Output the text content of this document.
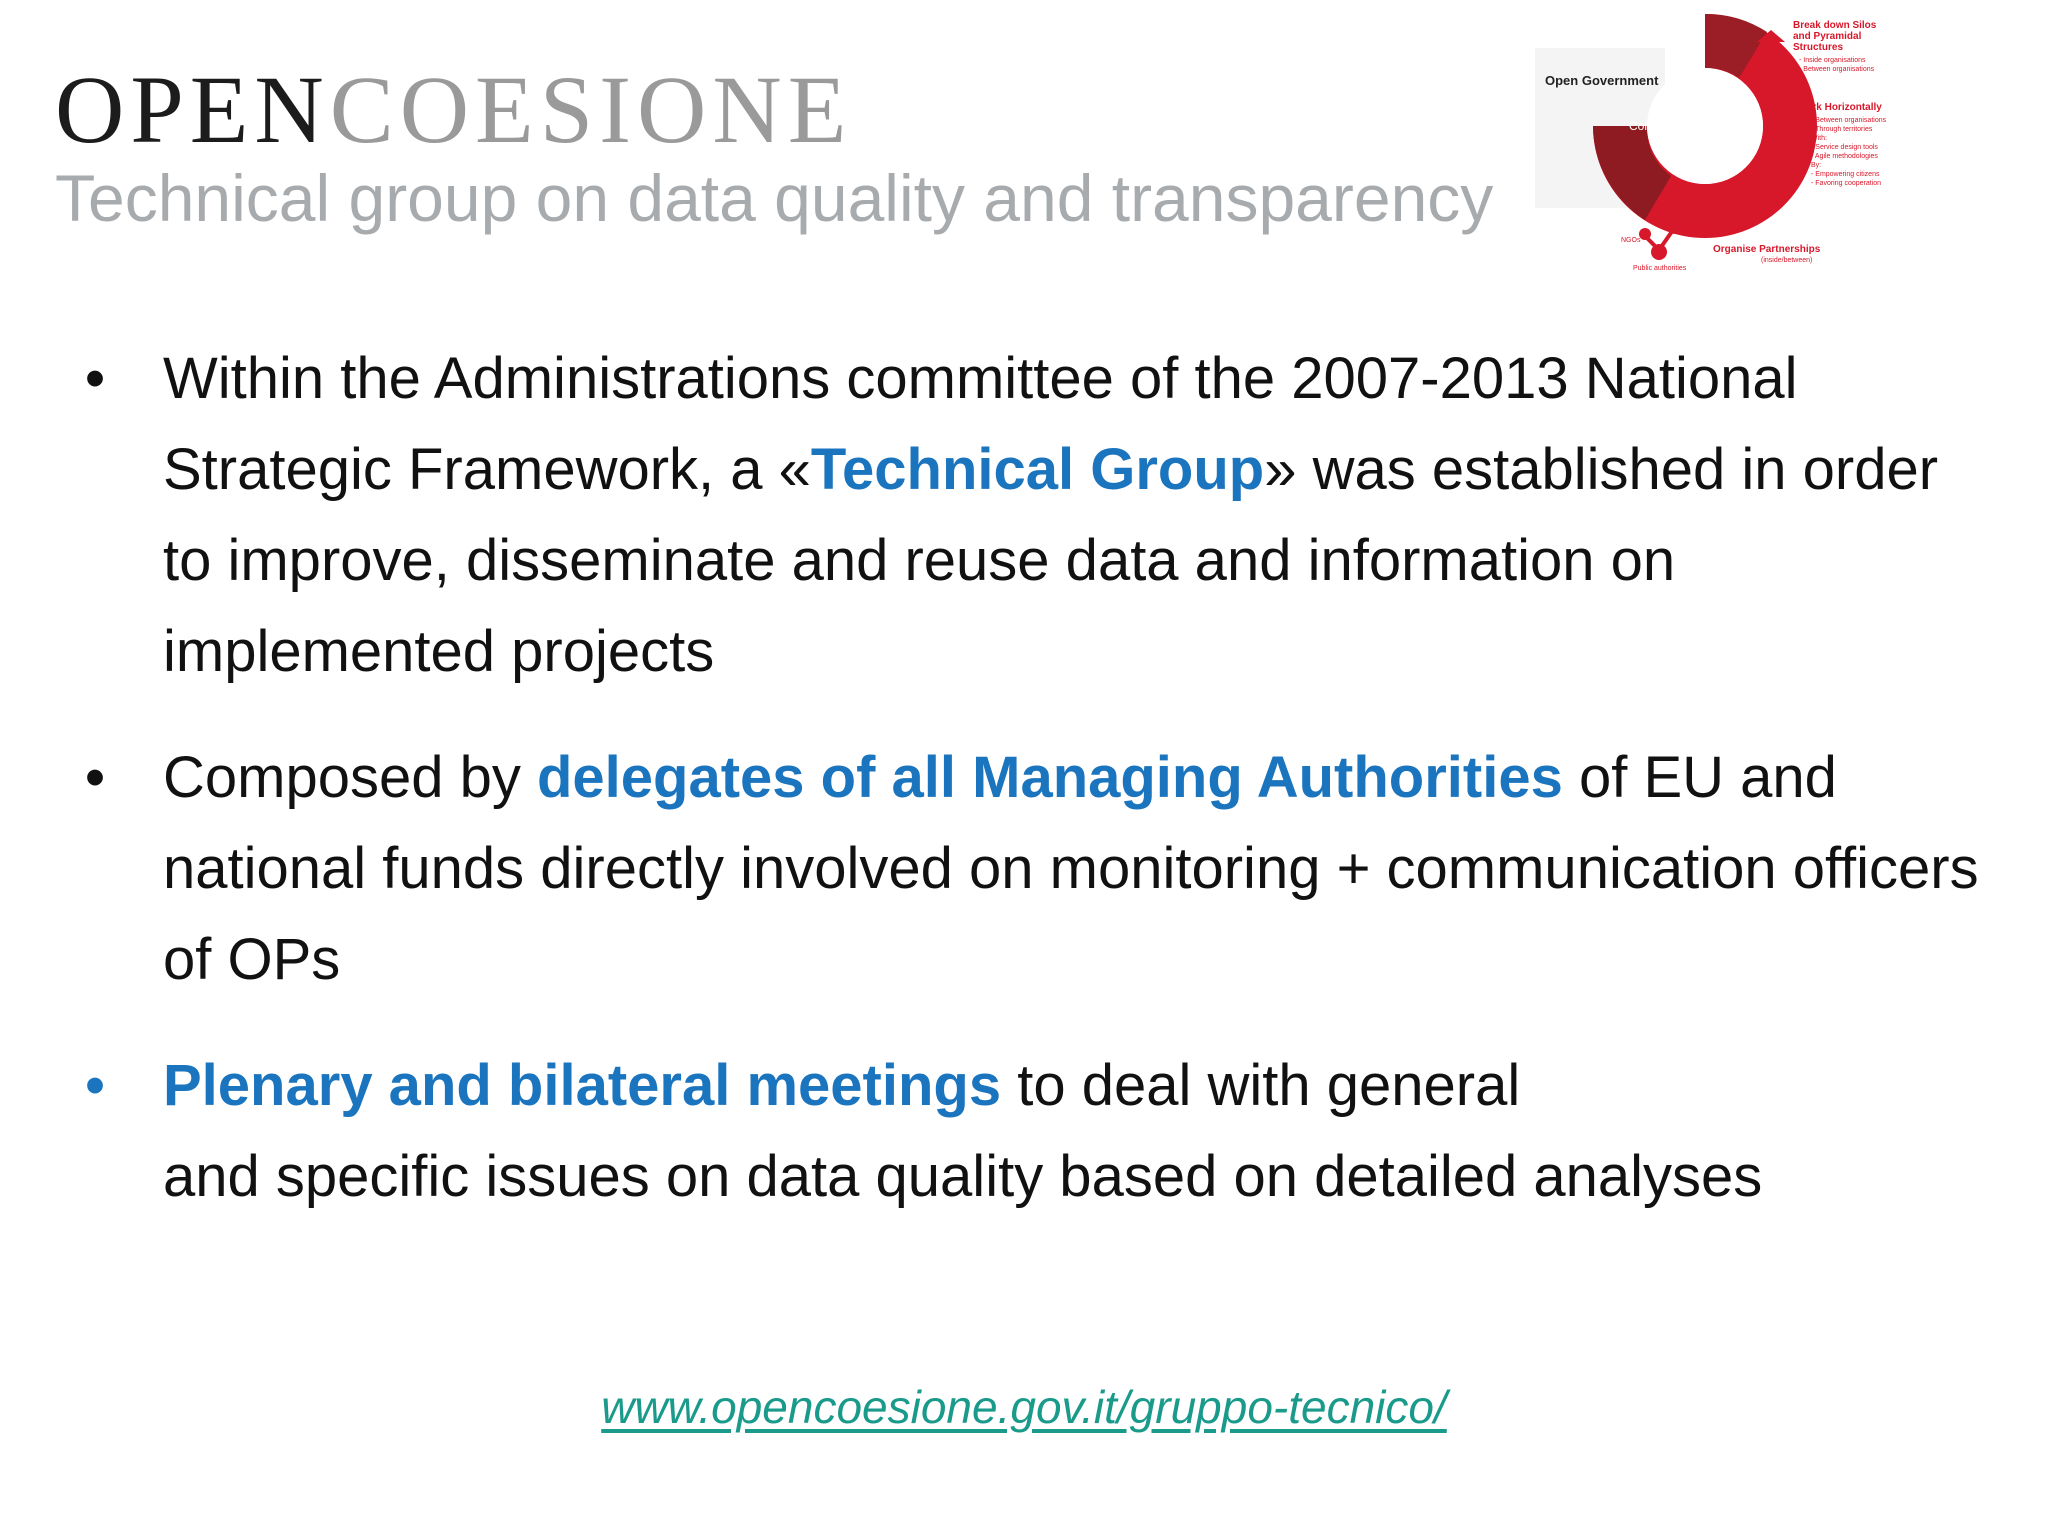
OPENCOESIONE
Technical group on data quality and transparency
Open Government
Collaboration
Break down Silos and Pyramidal Structures
- Inside organisations - Between organisations
Work Horizontally
- Between organisations - Through territories With: - Service design tools - Agile methodologies By: - Empowering citizens - Favoring cooperation
NGOs
Companies
Public authorities
Organise Partnerships
(inside/between)
• Within the Administrations committee of the 2007-2013 National Strategic Framework, a «Technical Group» was established in order to improve, disseminate and reuse data and information on implemented projects
• Composed by delegates of all Managing Authorities of EU and national funds directly involved on monitoring + communication officers of OPs
• Plenary and bilateral meetings to deal with general
and specific issues on data quality based on detailed analyses
www.opencoesione.gov.it/gruppo-tecnico/
